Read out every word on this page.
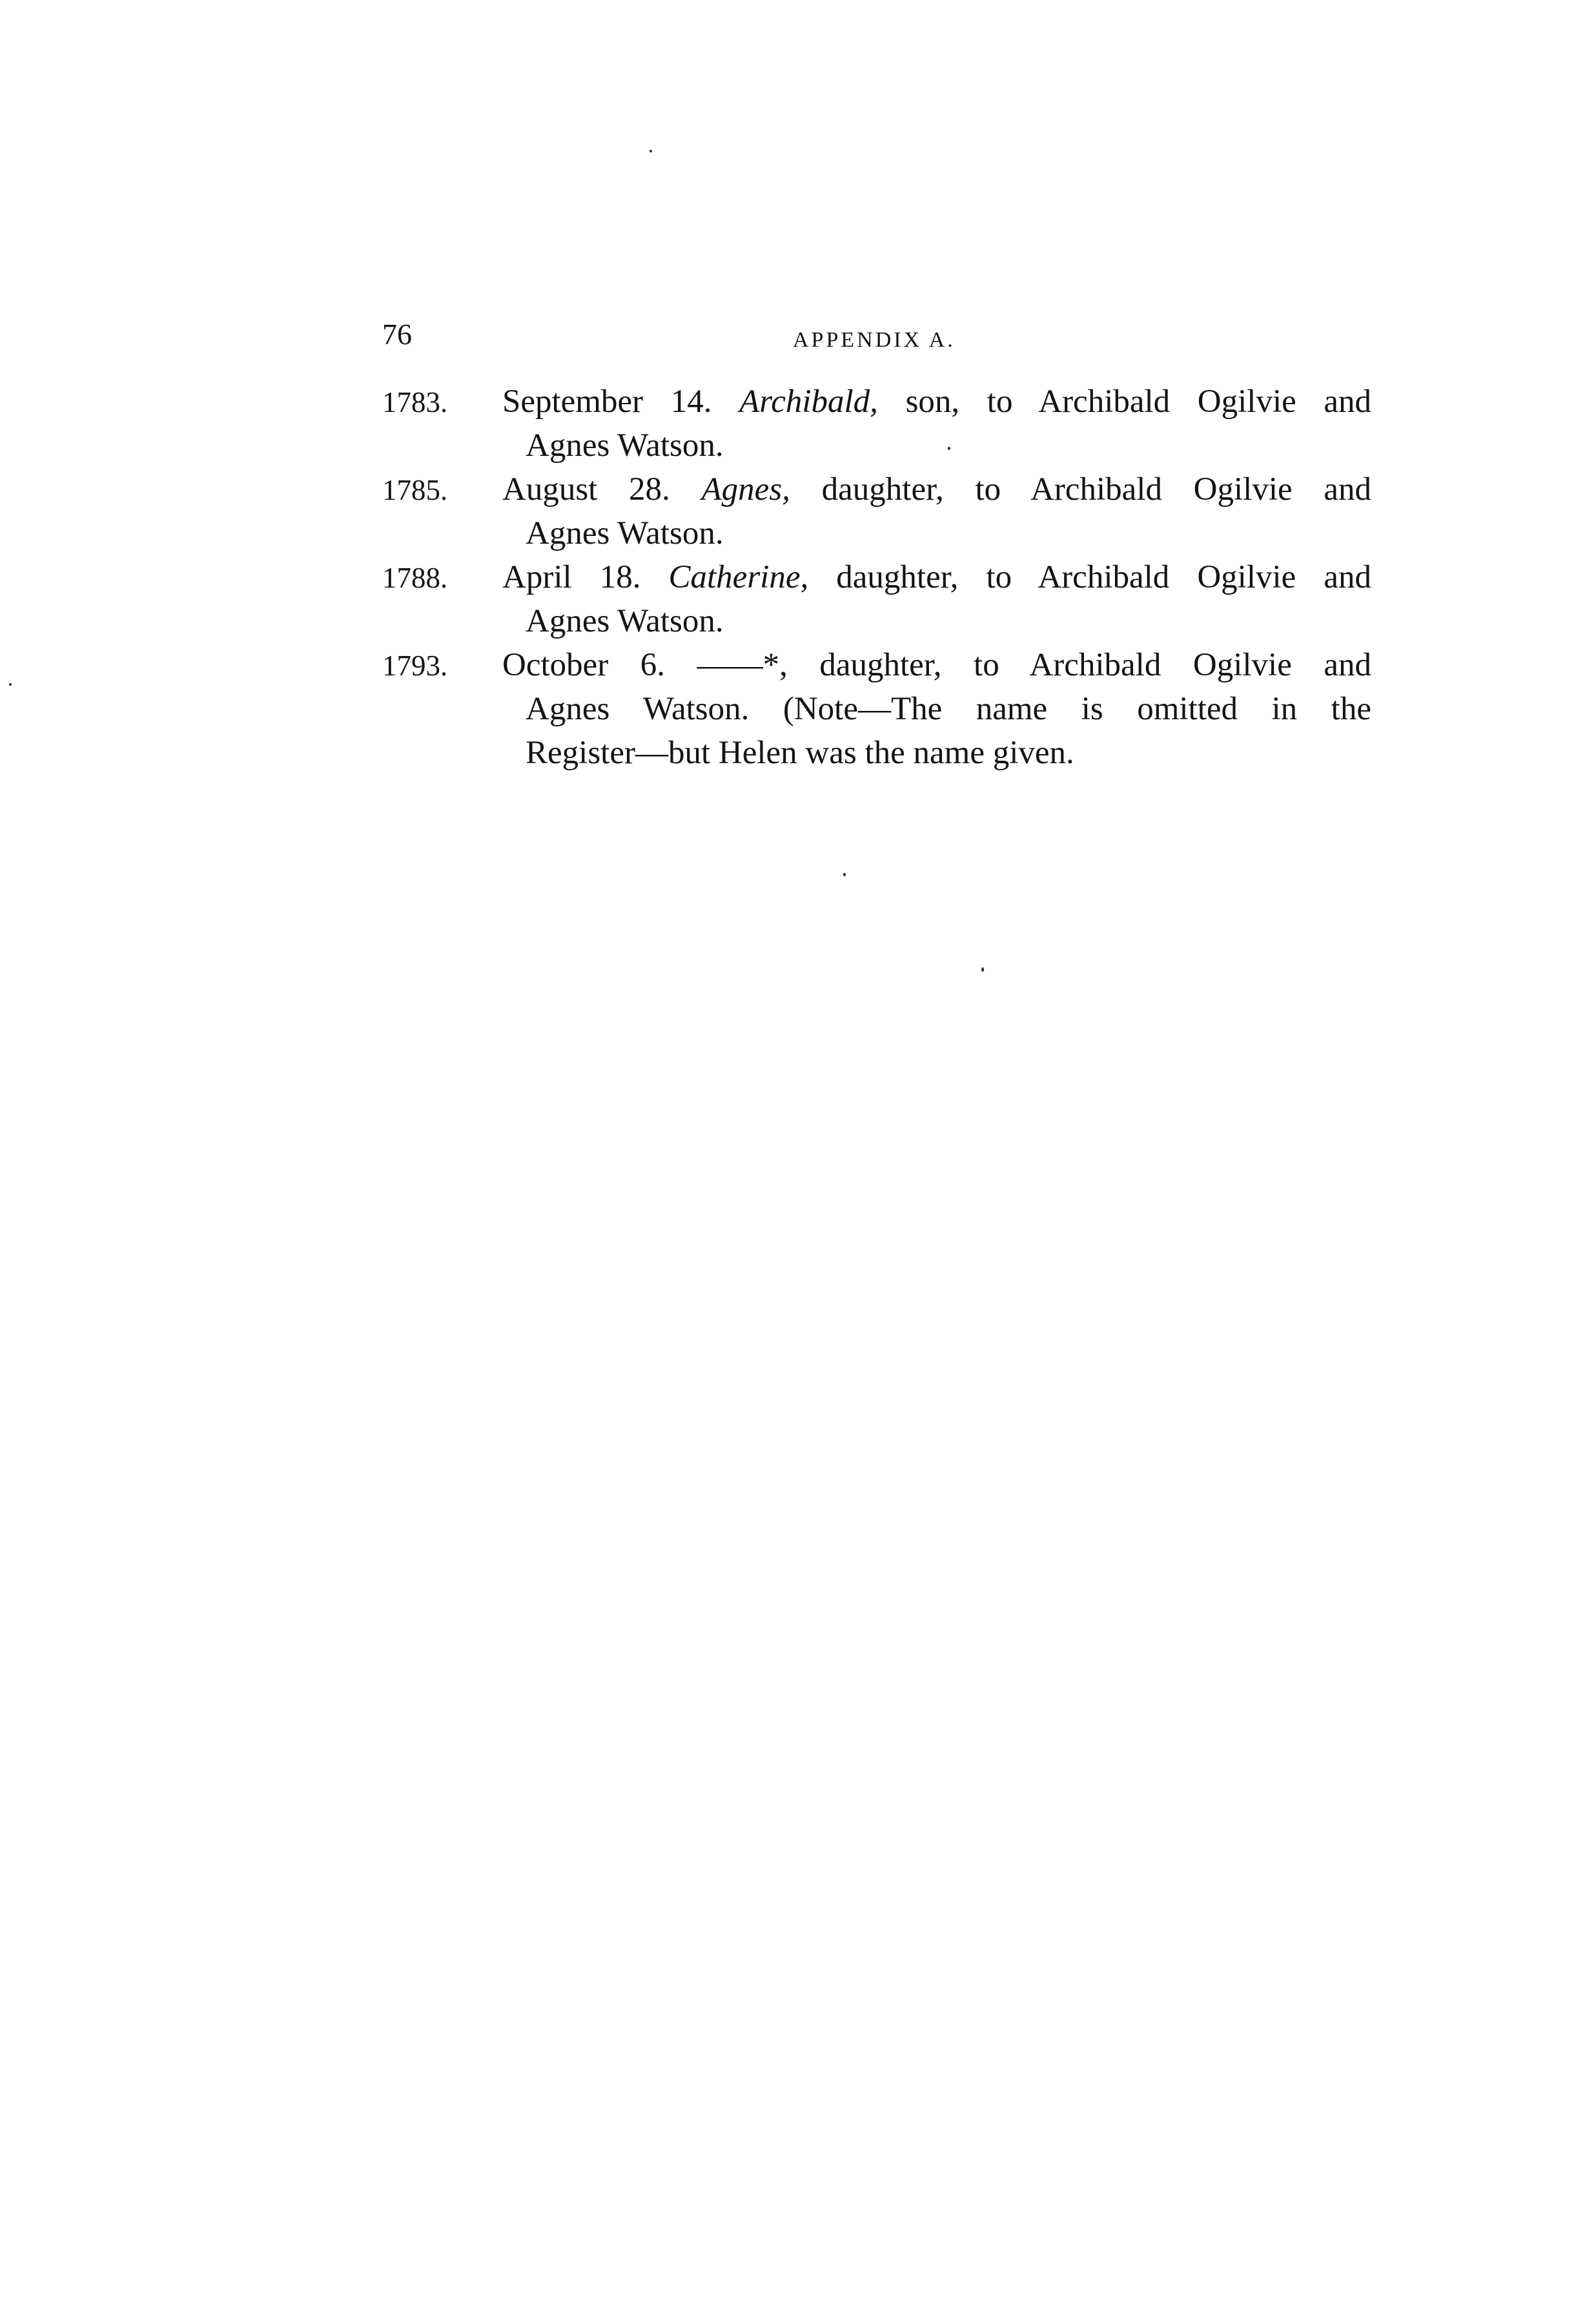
76	APPENDIX A.
1783. September 14. Archibald, son, to Archibald Ogilvie and
Agnes Watson.
1785. August 28. Agnes, daughter, to Archibald Ogilvie and
Agnes Watson.
1788. April 18. Catherine, daughter, to Archibald Ogilvie and
Agnes Watson.
1793. October 6. ——*, daughter, to Archibald Ogilvie and
Agnes Watson. (Note—The name is omitted in the
Register—but Helen was the name given.
